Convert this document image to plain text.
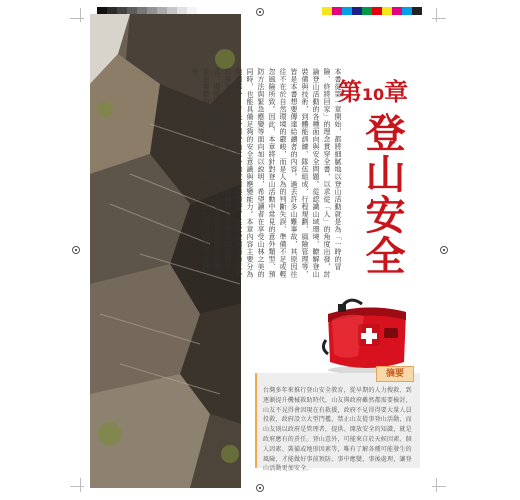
第 10 章
登山安全
本書從第一章開始，都將細膩地以登山活動就是為「一時的冒險、終將回家」的理念貫穿全書，以求從「人」的角度出發，討論登山活動的各種面向與安全問題。從認識山域環境、瞭解登山裝備與技術，到體能訓練、隊伍組成、行程規劃、風險管理等，皆是本書想要傳達給讀者的內容。過去許多山難事故，其原因往往不在於自然環境的嚴峻，而是人為的判斷失誤、準備不足或輕忽風險所致。因此，本章將針對登山活動中常見的意外類型、預防方法與緊急應變等面向加以說明，希望讀者在享受山林之美的同時，也能具備足夠的安全意識與應變能力。本章內容主要分為幾個部分：首先介紹登山意外的成因與類型，其次說明預防意外的基本觀念與做法，最後則是發生意外時的緊急處置與求救方式。期望透過本章的介紹，讓讀者對登山安全有更完整的認識，並在實際的登山活動中加以運用，讓每一次的登山都能平安歸來。
摘要
台灣多年來推行登山安全教育，從早期的人力搜救、到逐漸提升機械救助時代，山友與政府雖然都需要檢討，山友不見得會因現在有救援，政府不見得得要大量人員投救，政府設立大型門檻，禁止山友從事登山活動，而山友則以政府是管理者，提供、開放安全的知識，就是政府應有的責任。登山意外，可能來自於天候因素、個人因素、裝備或地形因素等，唯有了解各種可能發生的風險，才能做好事前預防、事中應變、事後處理，讓登山活動更加安全。
